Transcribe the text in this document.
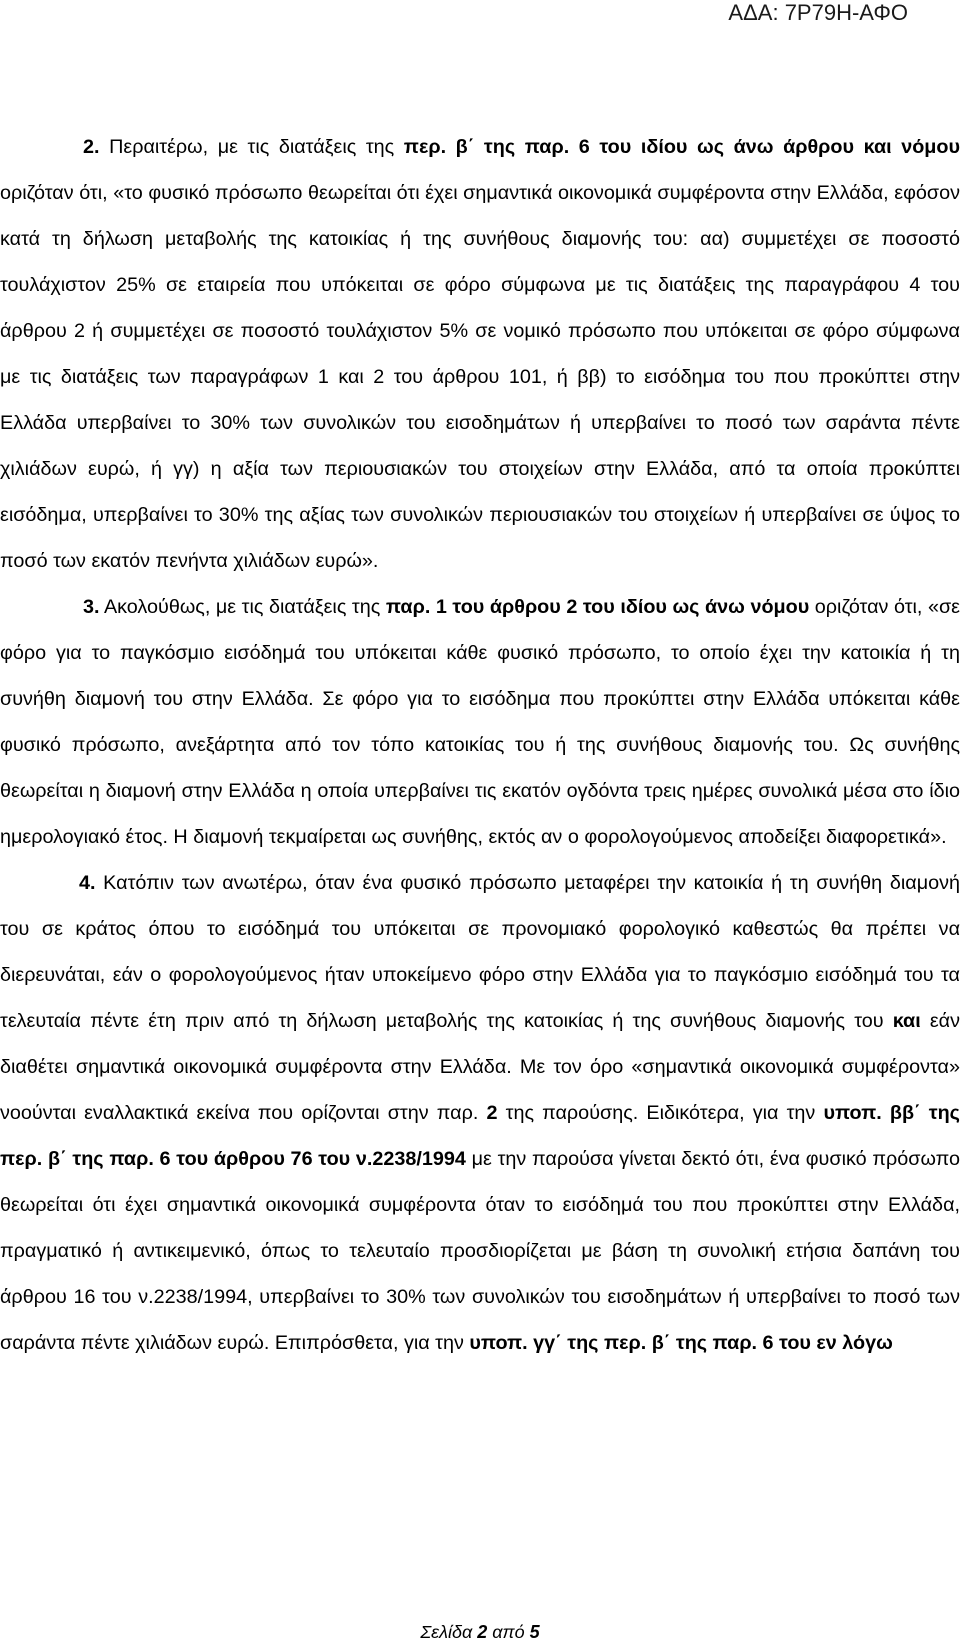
ΑΔΑ: 7Ρ79Η-ΑΦΟ

2. Περαιτέρω, με τις διατάξεις της περ. β΄ της παρ. 6 του ιδίου ως άνω άρθρου και νόμου οριζόταν ότι, «το φυσικό πρόσωπο θεωρείται ότι έχει σημαντικά οικονομικά συμφέροντα στην Ελλάδα, εφόσον κατά τη δήλωση μεταβολής της κατοικίας ή της συνήθους διαμονής του: αα) συμμετέχει σε ποσοστό τουλάχιστον 25% σε εταιρεία που υπόκειται σε φόρο σύμφωνα με τις διατάξεις της παραγράφου 4 του άρθρου 2 ή συμμετέχει σε ποσοστό τουλάχιστον 5% σε νομικό πρόσωπο που υπόκειται σε φόρο σύμφωνα με τις διατάξεις των παραγράφων 1 και 2 του άρθρου 101, ή ββ) το εισόδημα του που προκύπτει στην Ελλάδα υπερβαίνει το 30% των συνολικών του εισοδημάτων ή υπερβαίνει το ποσό των σαράντα πέντε χιλιάδων ευρώ, ή γγ) η αξία των περιουσιακών του στοιχείων στην Ελλάδα, από τα οποία προκύπτει εισόδημα, υπερβαίνει το 30% της αξίας των συνολικών περιουσιακών του στοιχείων ή υπερβαίνει σε ύψος το ποσό των εκατόν πενήντα χιλιάδων ευρώ».

3. Ακολούθως, με τις διατάξεις της παρ. 1 του άρθρου 2 του ιδίου ως άνω νόμου οριζόταν ότι, «σε φόρο για το παγκόσμιο εισόδημά του υπόκειται κάθε φυσικό πρόσωπο, το οποίο έχει την κατοικία ή τη συνήθη διαμονή του στην Ελλάδα. Σε φόρο για το εισόδημα που προκύπτει στην Ελλάδα υπόκειται κάθε φυσικό πρόσωπο, ανεξάρτητα από τον τόπο κατοικίας του ή της συνήθους διαμονής του. Ως συνήθης θεωρείται η διαμονή στην Ελλάδα η οποία υπερβαίνει τις εκατόν ογδόντα τρεις ημέρες συνολικά μέσα στο ίδιο ημερολογιακό έτος. Η διαμονή τεκμαίρεται ως συνήθης, εκτός αν ο φορολογούμενος αποδείξει διαφορετικά».

4. Κατόπιν των ανωτέρω, όταν ένα φυσικό πρόσωπο μεταφέρει την κατοικία ή τη συνήθη διαμονή του σε κράτος όπου το εισόδημά του υπόκειται σε προνομιακό φορολογικό καθεστώς θα πρέπει να διερευνάται, εάν ο φορολογούμενος ήταν υποκείμενο φόρο στην Ελλάδα για το παγκόσμιο εισόδημά του τα τελευταία πέντε έτη πριν από τη δήλωση μεταβολής της κατοικίας ή της συνήθους διαμονής του και εάν διαθέτει σημαντικά οικονομικά συμφέροντα στην Ελλάδα. Με τον όρο «σημαντικά οικονομικά συμφέροντα» νοούνται εναλλακτικά εκείνα που ορίζονται στην παρ. 2 της παρούσης. Ειδικότερα, για την υποπ. ββ΄ της περ. β΄ της παρ. 6 του άρθρου 76 του ν.2238/1994 με την παρούσα γίνεται δεκτό ότι, ένα φυσικό πρόσωπο θεωρείται ότι έχει σημαντικά οικονομικά συμφέροντα όταν το εισόδημά του που προκύπτει στην Ελλάδα, πραγματικό ή αντικειμενικό, όπως το τελευταίο προσδιορίζεται με βάση τη συνολική ετήσια δαπάνη του άρθρου 16 του ν.2238/1994, υπερβαίνει το 30% των συνολικών του εισοδημάτων ή υπερβαίνει το ποσό των σαράντα πέντε χιλιάδων ευρώ. Επιπρόσθετα, για την υποπ. γγ΄ της περ. β΄ της παρ. 6 του εν λόγω

Σελίδα 2 από 5
